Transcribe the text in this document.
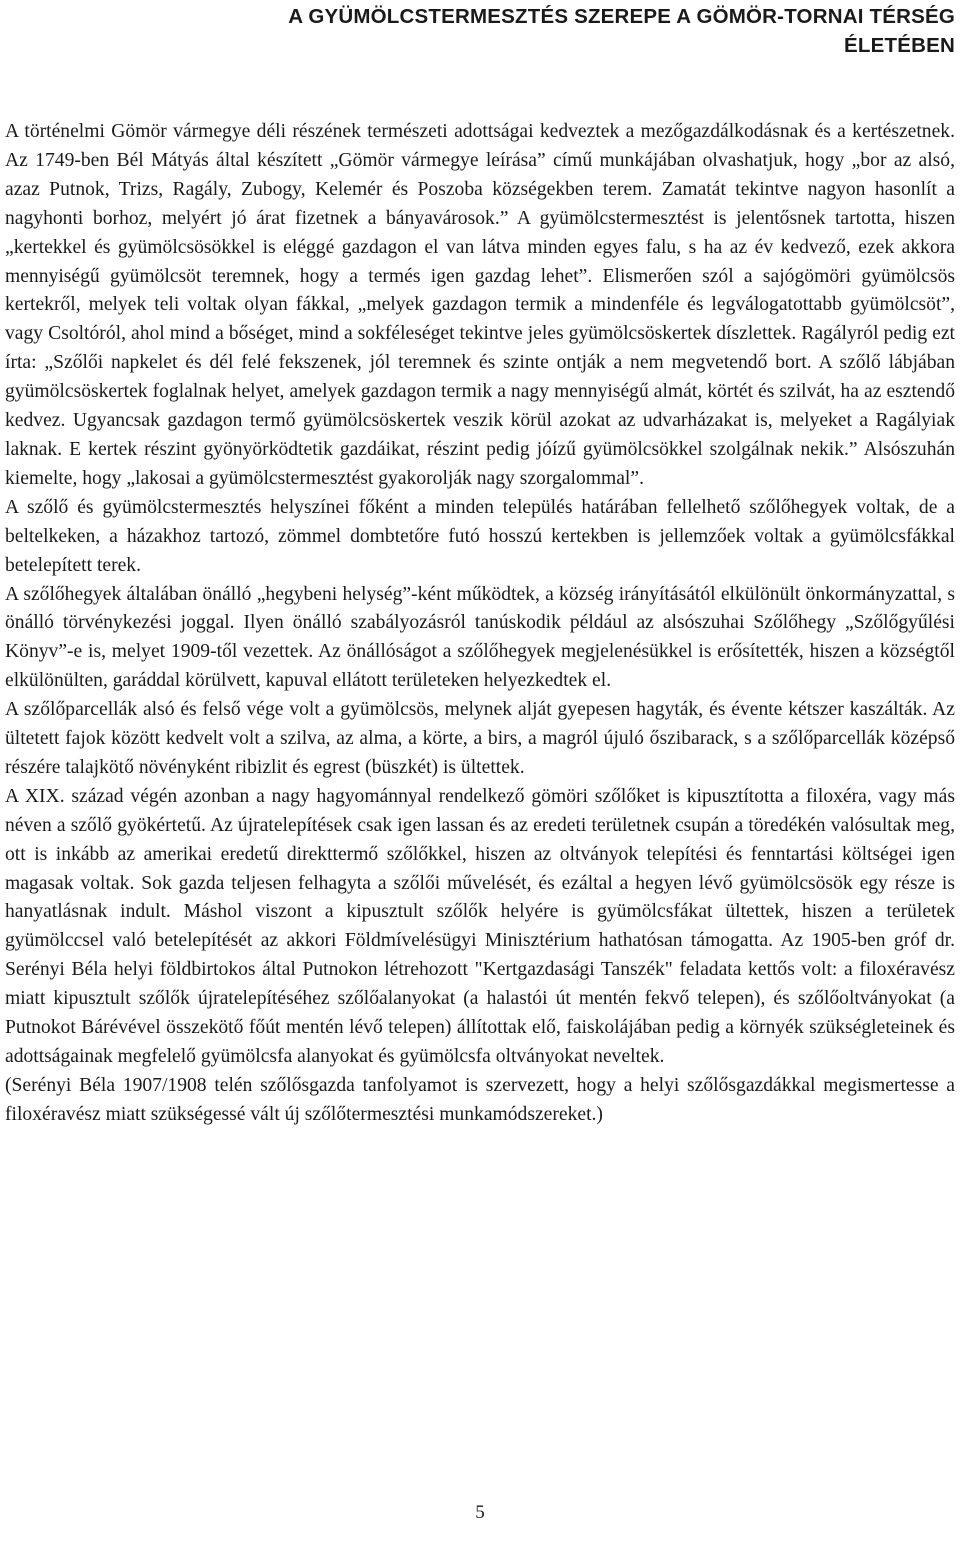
A GYÜMÖLCSTERMESZTÉS SZEREPE A GÖMÖR-TORNAI TÉRSÉG
ÉLETÉBEN

A történelmi Gömör vármegye déli részének természeti adottságai kedveztek a mezőgazdálkodásnak és a kertészetnek. Az 1749-ben Bél Mátyás által készített „Gömör vármegye leírása” című munkájában olvashatjuk, hogy „bor az alsó, azaz Putnok, Trizs, Ragály, Zubogy, Kelemér és Poszoba községekben terem. Zamatát tekintve nagyon hasonlít a nagyhonti borhoz, melyért jó árat fizetnek a bányavárosok.” A gyümölcstermesztést is jelentősnek tartotta, hiszen „kertekkel és gyümölcsösökkel is eléggé gazdagon el van látva minden egyes falu, s ha az év kedvező, ezek akkora mennyiségű gyümölcsöt teremnek, hogy a termés igen gazdag lehet”. Elismerően szól a sajógömöri gyümölcsös kertekről, melyek teli voltak olyan fákkal, „melyek gazdagon termik a mindenféle és legválogatottabb gyümölcsöt”, vagy Csoltóról, ahol mind a bőséget, mind a sokféleséget tekintve jeles gyümölcsöskertek díszlettek. Ragályról pedig ezt írta: „Szőlői napkelet és dél felé fekszenek, jól teremnek és szinte ontják a nem megvetendő bort. A szőlő lábjában gyümölcsöskertek foglalnak helyet, amelyek gazdagon termik a nagy mennyiségű almát, körtét és szilvát, ha az esztendő kedvez. Ugyancsak gazdagon termő gyümölcsöskertek veszik körül azokat az udvarházakat is, melyeket a Ragályiak laknak. E kertek részint gyönyörködtetik gazdáikat, részint pedig jóízű gyümölcsökkel szolgálnak nekik.” Alsószuhán kiemelte, hogy „lakosai a gyümölcstermesztést gyakorolják nagy szorgalommal”.

A szőlő és gyümölcstermesztés helyszínei főként a minden település határában fellelhető szőlőhegyek voltak, de a beltelkeken, a házakhoz tartozó, zömmel dombtetőre futó hosszú kertekben is jellemzőek voltak a gyümölcsfákkal betelepített terek.

A szőlőhegyek általában önálló „hegybeni helység”-ként működtek, a község irányításától elkülönült önkormányzattal, s önálló törvénykezési joggal. Ilyen önálló szabályozásról tanúskodik például az alsószuhai Szőlőhegy „Szőlőgyűlési Könyv”-e is, melyet 1909-től vezettek. Az önállóságot a szőlőhegyek megjelenésükkel is erősítették, hiszen a községtől elkülönülten, garáddal körülvett, kapuval ellátott területeken helyezkedtek el.

A szőlőparcellák alsó és felső vége volt a gyümölcsös, melynek alját gyepesen hagyták, és évente kétszer kaszálták. Az ültetett fajok között kedvelt volt a szilva, az alma, a körte, a birs, a magról újuló őszibarack, s a szőlőparcellák középső részére talajkötő növényként ribizlit és egrest (büszkét) is ültettek.

A XIX. század végén azonban a nagy hagyománnyal rendelkező gömöri szőlőket is kipusztította a filoxéra, vagy más néven a szőlő gyökértetű. Az újratelepítések csak igen lassan és az eredeti területnek csupán a töredékén valósultak meg, ott is inkább az amerikai eredetű direkttermő szőlőkkel, hiszen az oltványok telepítési és fenntartási költségei igen magasak voltak. Sok gazda teljesen felhagyta a szőlői művelését, és ezáltal a hegyen lévő gyümölcsösök egy része is hanyatlásnak indult. Máshol viszont a kipusztult szőlők helyére is gyümölcsfákat ültettek, hiszen a területek gyümölccsel való betelepítését az akkori Földmívelésügyi Minisztérium hathatósan támogatta. Az 1905-ben gróf dr. Serényi Béla helyi földbirtokos által Putnokon létrehozott "Kertgazdasági Tanszék" feladata kettős volt: a filoxéravész miatt kipusztult szőlők újratelepítéséhez szőlőalanyokat (a halastói út mentén fekvő telepen), és szőlőoltványokat (a Putnokot Bárévével összekötő főút mentén lévő telepen) állítottak elő, faiskolájában pedig a környék szükségleteinek és adottságainak megfelelő gyümölcsfa alanyokat és gyümölcsfa oltványokat neveltek.

(Serényi Béla 1907/1908 telén szőlősgazda tanfolyamot is szervezett, hogy a helyi szőlősgazdákkal megismertesse a filoxéravész miatt szükségessé vált új szőlőtermesztési munkamódszereket.)

5
